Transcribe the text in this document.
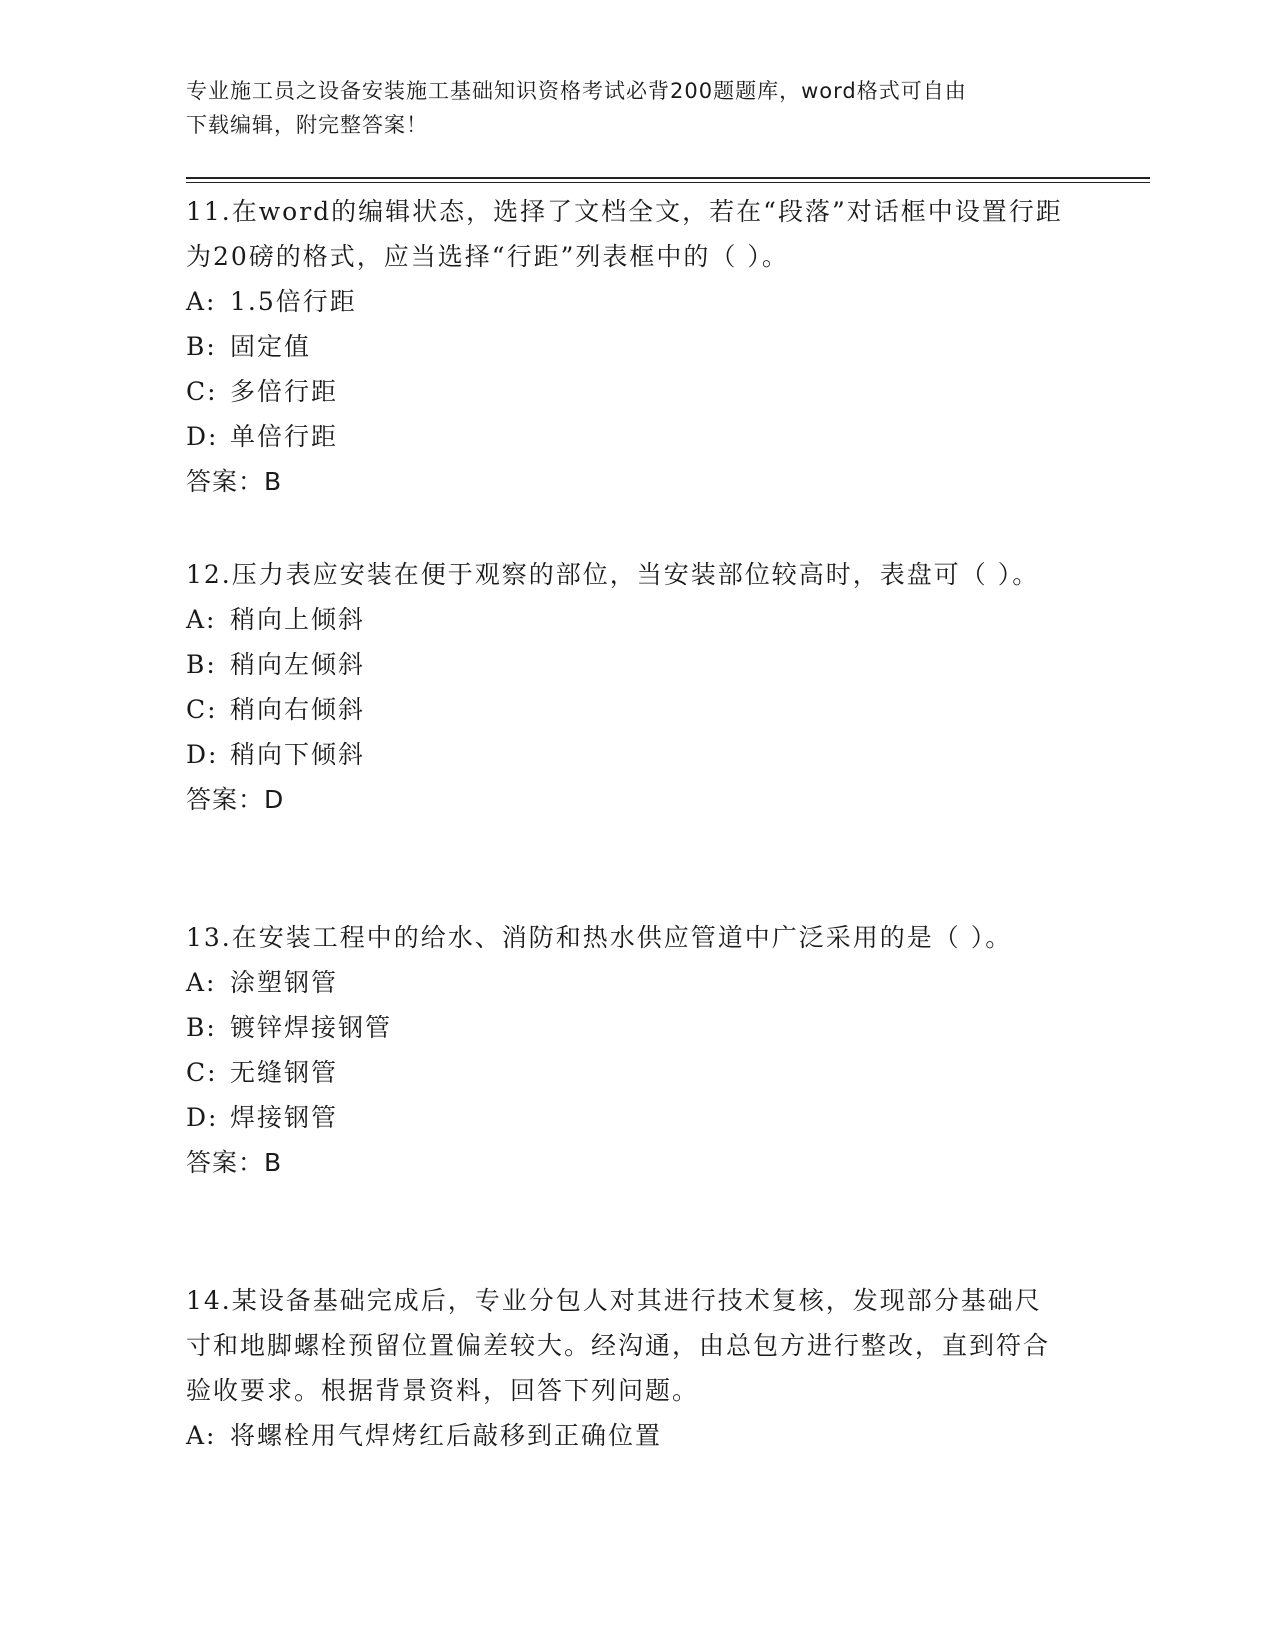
专业施工员之设备安装施工基础知识资格考试必背200题题库，word格式可自由
下载编辑，附完整答案！
11.在word的编辑状态，选择了文档全文，若在“段落”对话框中设置行距为20磅的格式，应当选择“行距”列表框中的（ ）。
A: 1.5倍行距
B: 固定值
C: 多倍行距
D: 单倍行距
答案：B
12.压力表应安装在便于观察的部位，当安装部位较高时，表盘可（ ）。
A: 稍向上倾斜
B: 稍向左倾斜
C: 稍向右倾斜
D: 稍向下倾斜
答案：D
13.在安装工程中的给水、消防和热水供应管道中广泛采用的是（ ）。
A: 涂塑钢管
B: 镀锌焊接钢管
C: 无缝钢管
D: 焊接钢管
答案：B
14.某设备基础完成后，专业分包人对其进行技术复核，发现部分基础尺寸和地脚螺栓预留位置偏差较大。经沟通，由总包方进行整改，直到符合验收要求。根据背景资料，回答下列问题。
A: 将螺栓用气焊烤红后敲移到正确位置
